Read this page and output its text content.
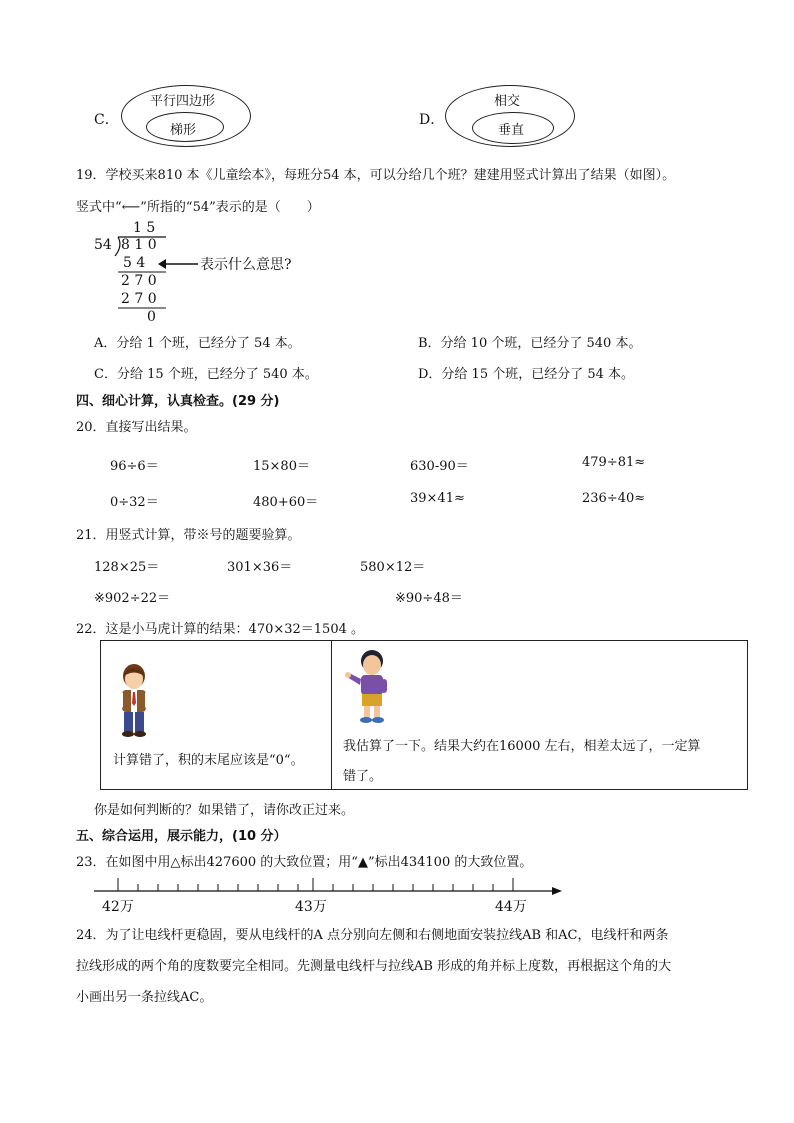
C．
平行四边形
梯形
D．
相交
垂直
19．学校买来810 本《儿童绘本》，每班分54 本，可以分给几个班？建建用竖式计算出了结果（如图）。
竖式中“⟵”所指的“54”表示的是（　　）
1 5
54 8 1 0
5 4
2 7 0
2 7 0
0
表示什么意思?
A．分给 1 个班，已经分了 54 本。	B．分给 10 个班，已经分了 540 本。
C．分给 15 个班，已经分了 540 本。	D．分给 15 个班，已经分了 54 本。
四、细心计算，认真检查。(29 分)
20．直接写出结果。
96÷6＝	15×80＝	630-90＝	479÷81≈
0÷32＝	480+60＝	39×41≈	236÷40≈
21．用竖式计算，带※号的题要验算。
128×25＝	301×36＝	580×12＝
※902÷22＝	※90÷48＝
22．这是小马虎计算的结果：470×32＝1504 。
计算错了，积的末尾应该是“0“。
我估算了一下。结果大约在16000 左右，相差太远了，一定算
错了。
你是如何判断的？如果错了，请你改正过来。
五、综合运用，展示能力，(10 分）
23．在如图中用△标出427600 的大致位置；用“▲”标出434100 的大致位置。
42万	43万	44万
24．为了让电线杆更稳固，要从电线杆的A 点分别向左侧和右侧地面安装拉线AB 和AC，电线杆和两条
拉线形成的两个角的度数要完全相同。先测量电线杆与拉线AB 形成的角并标上度数，再根据这个角的大
小画出另一条拉线AC。
